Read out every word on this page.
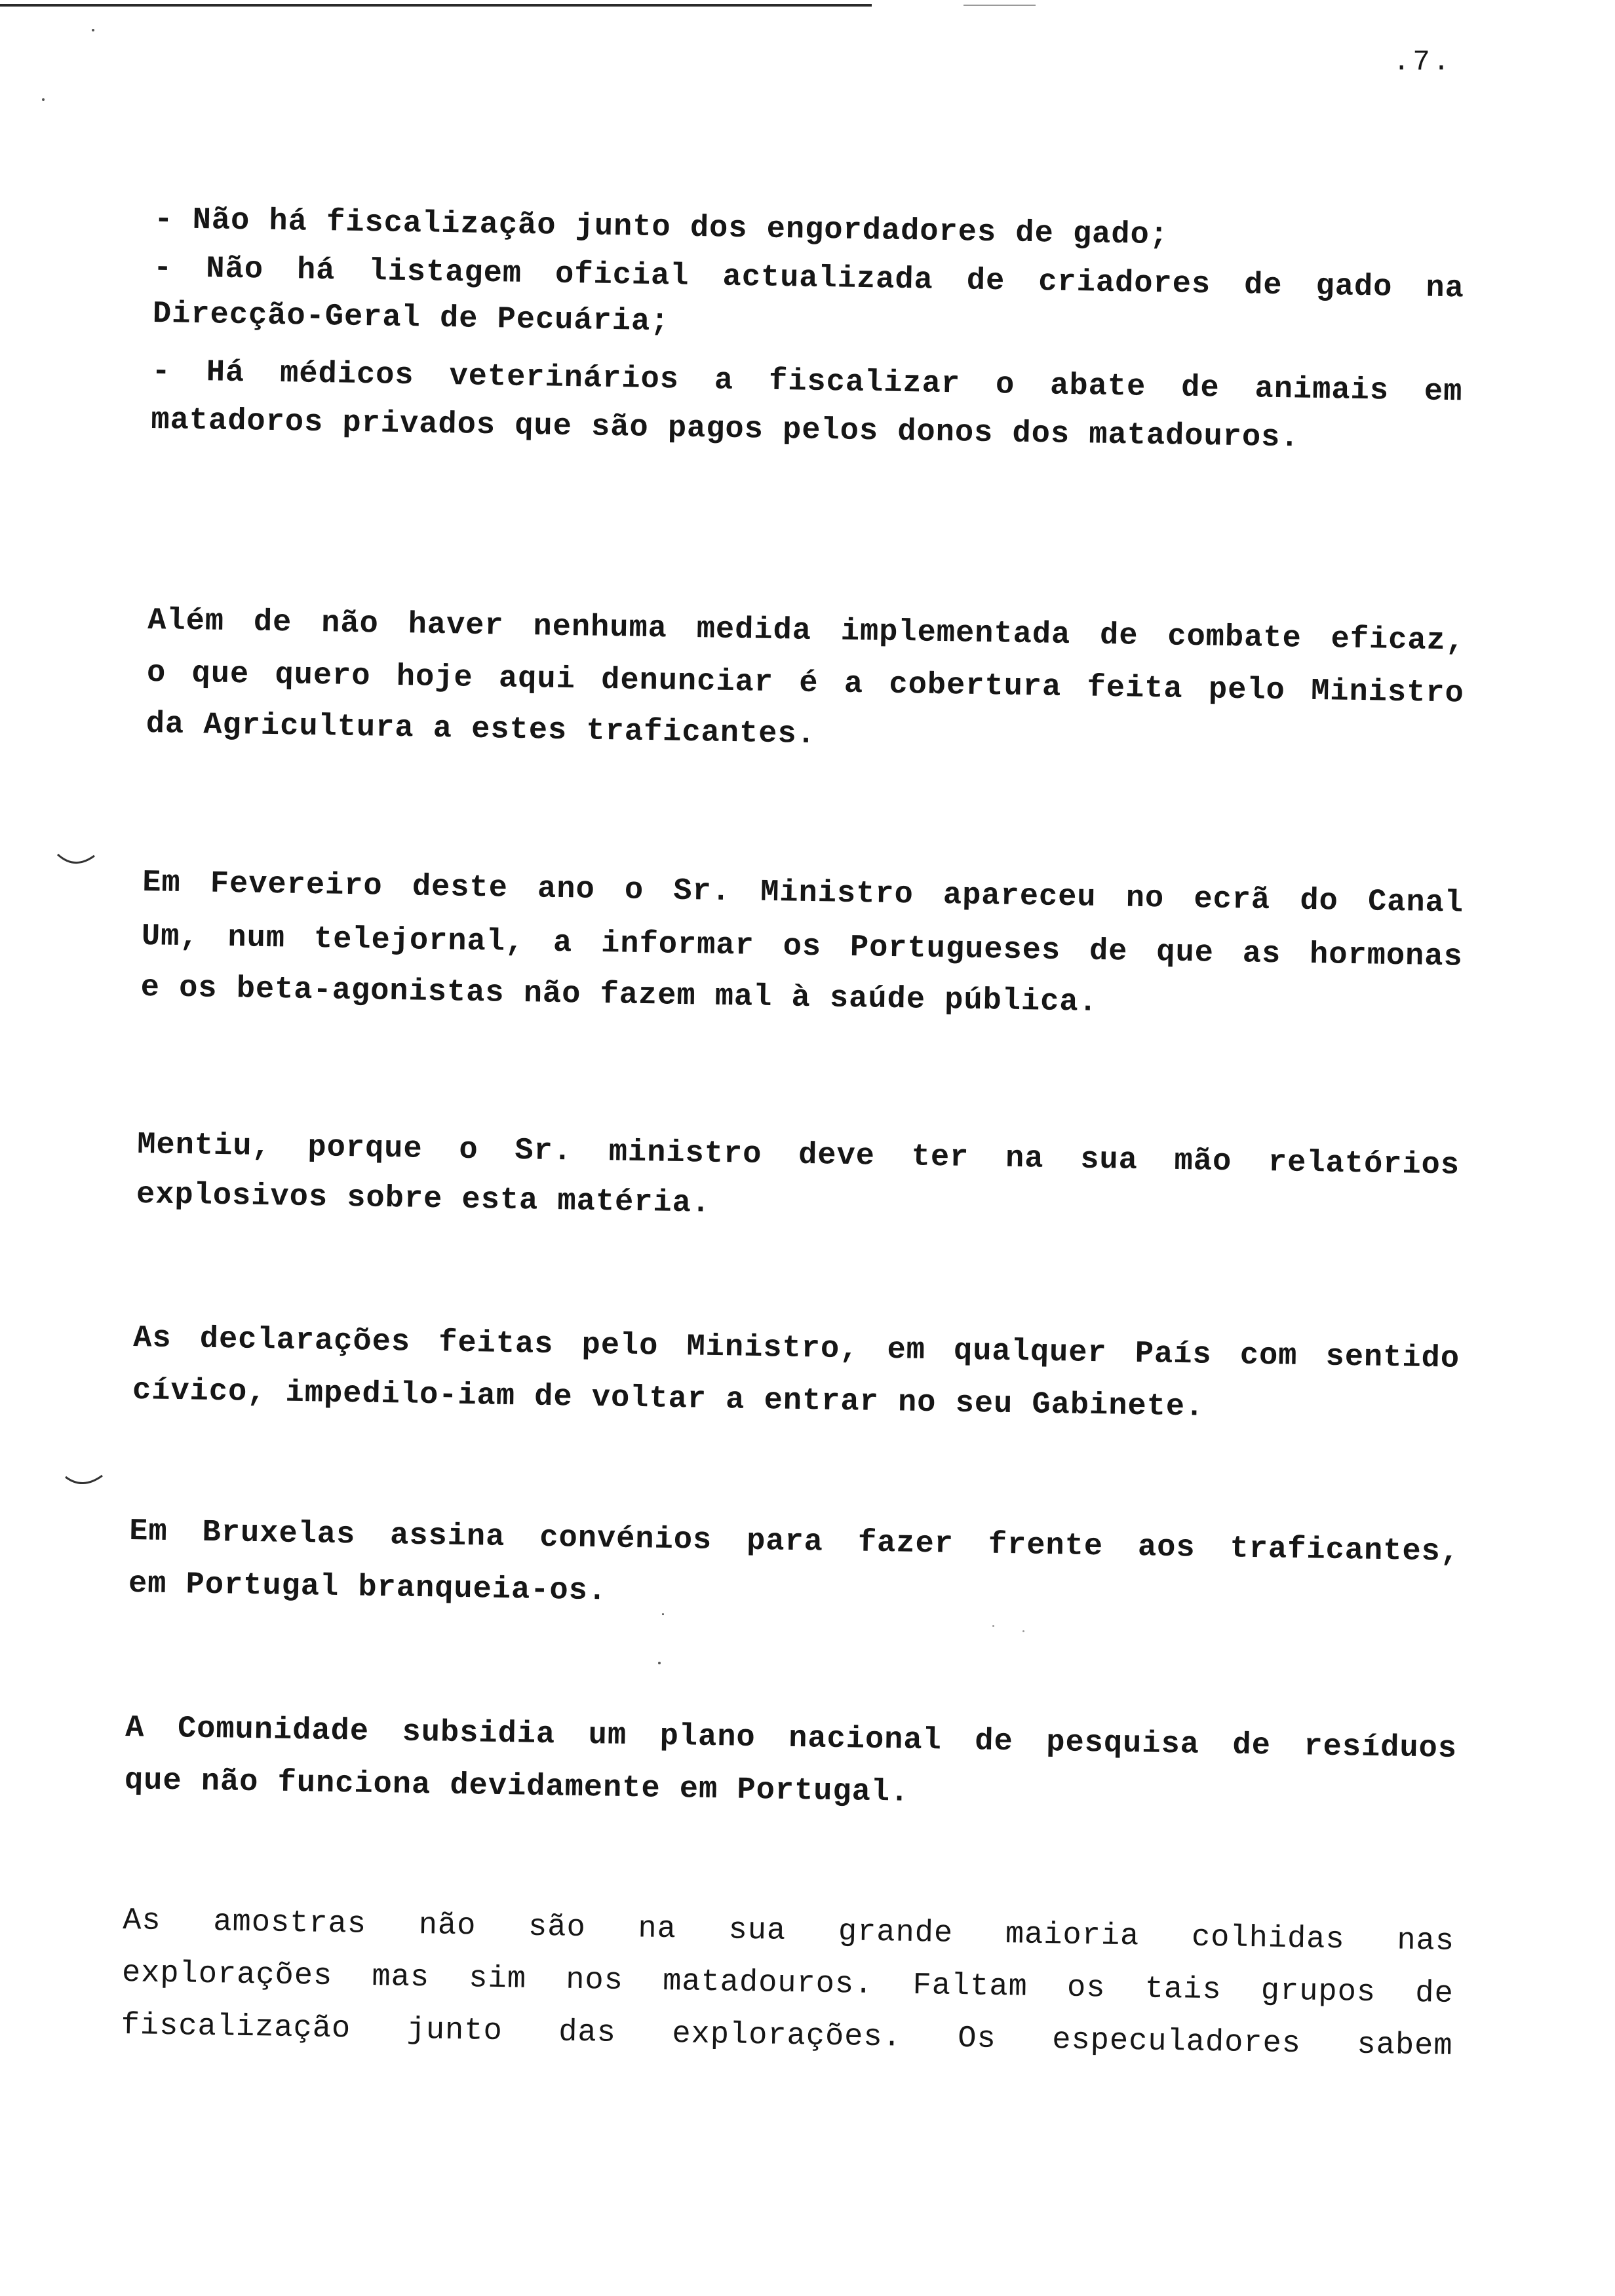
.7.
- Não há fiscalização junto dos engordadores de gado;
- Não há listagem oficial actualizada de criadores de gado na
Direcção-Geral de Pecuária;
- Há médicos veterinários a fiscalizar o abate de animais em
matadoros privados que são pagos pelos donos dos matadouros.
Além de não haver nenhuma medida implementada de combate eficaz,
o que quero hoje aqui denunciar é a cobertura feita pelo Ministro
da Agricultura a estes traficantes.
Em Fevereiro deste ano o Sr. Ministro apareceu no ecrã do Canal
Um, num telejornal, a informar os Portugueses de que as hormonas
e os beta-agonistas não fazem mal à saúde pública.
Mentiu, porque o Sr. ministro deve ter na sua mão relatórios
explosivos sobre esta matéria.
As declarações feitas pelo Ministro, em qualquer País com sentido
cívico, impedilo-iam de voltar a entrar no seu Gabinete.
Em Bruxelas assina convénios para fazer frente aos traficantes,
em Portugal branqueia-os.
A Comunidade subsidia um plano nacional de pesquisa de resíduos
que não funciona devidamente em Portugal.
As amostras não são na sua grande maioria colhidas nas
explorações mas sim nos matadouros. Faltam os tais grupos de
fiscalização junto das explorações. Os especuladores sabem
